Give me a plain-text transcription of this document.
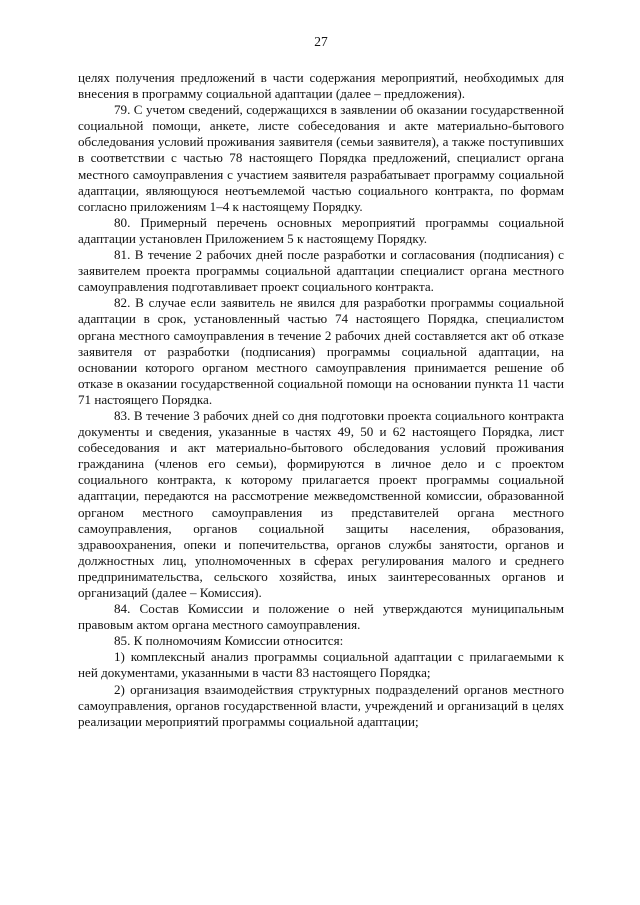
27

целях получения предложений в части содержания мероприятий, необходимых для внесения в программу социальной адаптации (далее – предложения).

79. С учетом сведений, содержащихся в заявлении об оказании государственной социальной помощи, анкете, листе собеседования и акте материально-бытового обследования условий проживания заявителя (семьи заявителя), а также поступивших в соответствии с частью 78 настоящего Порядка предложений, специалист органа местного самоуправления с участием заявителя разрабатывает программу социальной адаптации, являющуюся неотъемлемой частью социального контракта, по формам согласно приложениям 1–4 к настоящему Порядку.

80. Примерный перечень основных мероприятий программы социальной адаптации установлен Приложением 5 к настоящему Порядку.

81. В течение 2 рабочих дней после разработки и согласования (подписания) с заявителем проекта программы социальной адаптации специалист органа местного самоуправления подготавливает проект социального контракта.

82. В случае если заявитель не явился для разработки программы социальной адаптации в срок, установленный частью 74 настоящего Порядка, специалистом органа местного самоуправления в течение 2 рабочих дней составляется акт об отказе заявителя от разработки (подписания) программы социальной адаптации, на основании которого органом местного самоуправления принимается решение об отказе в оказании государственной социальной помощи на основании пункта 11 части 71 настоящего Порядка.

83. В течение 3 рабочих дней со дня подготовки проекта социального контракта документы и сведения, указанные в частях 49, 50 и 62 настоящего Порядка, лист собеседования и акт материально-бытового обследования условий проживания гражданина (членов его семьи), формируются в личное дело и с проектом социального контракта, к которому прилагается проект программы социальной адаптации, передаются на рассмотрение межведомственной комиссии, образованной органом местного самоуправления из представителей органа местного самоуправления, органов социальной защиты населения, образования, здравоохранения, опеки и попечительства, органов службы занятости, органов и должностных лиц, уполномоченных в сферах регулирования малого и среднего предпринимательства, сельского хозяйства, иных заинтересованных органов и организаций (далее – Комиссия).

84. Состав Комиссии и положение о ней утверждаются муниципальным правовым актом органа местного самоуправления.

85. К полномочиям Комиссии относится:

1) комплексный анализ программы социальной адаптации с прилагаемыми к ней документами, указанными в части 83 настоящего Порядка;

2) организация взаимодействия структурных подразделений органов местного самоуправления, органов государственной власти, учреждений и организаций в целях реализации мероприятий программы социальной адаптации;
